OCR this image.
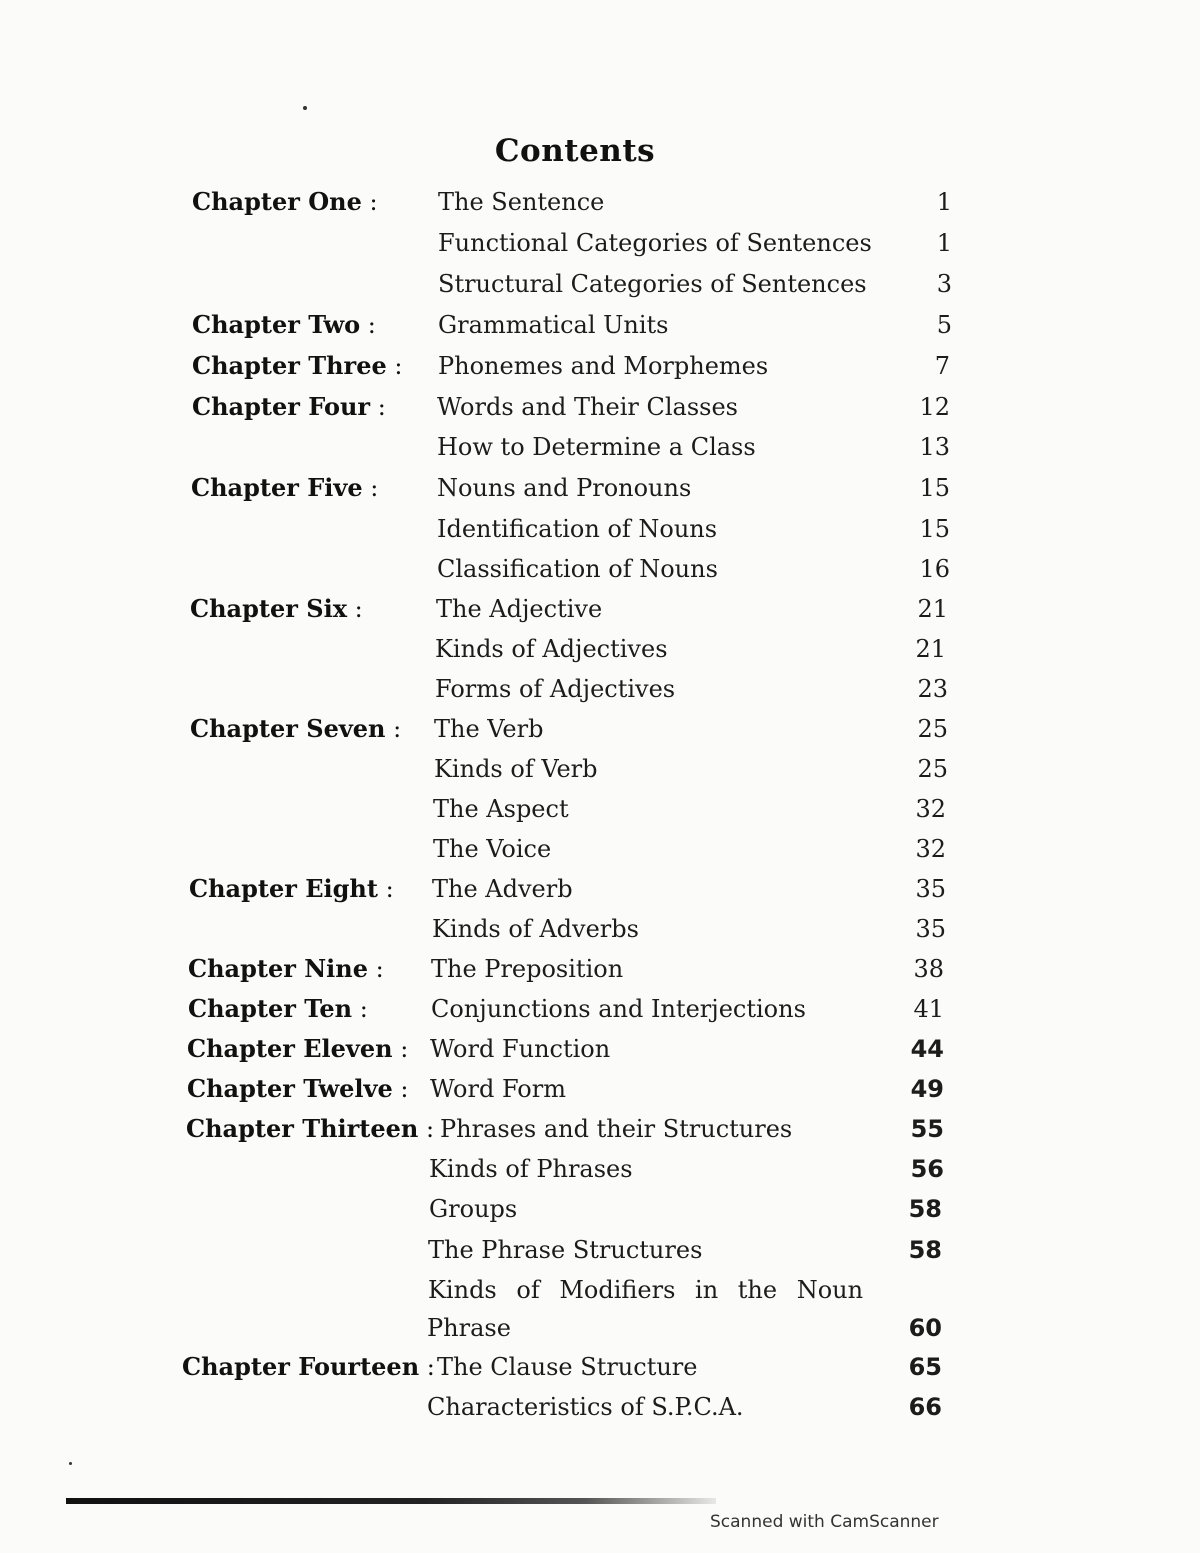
Contents
Chapter One :	The Sentence	1
Functional Categories of Sentences	1
Structural Categories of Sentences	3
Chapter Two :	Grammatical Units	5
Chapter Three : Phonemes and Morphemes	7
Chapter Four : Words and Their Classes	12
How to Determine a Class	13
Chapter Five : Nouns and Pronouns	15
Identification of Nouns	15
Classification of Nouns	16
Chapter Six :	The Adjective	21
Kinds of Adjectives	21
Forms of Adjectives	23
Chapter Seven : The Verb	25
Kinds of Verb	25
The Aspect	32
The Voice	32
Chapter Eight : The Adverb	35
Kinds of Adverbs	35
Chapter Nine : The Preposition	38
Chapter Ten :	Conjunctions and Interjections	41
Chapter Eleven : Word Function	44
Chapter Twelve : Word Form	49
Chapter Thirteen : Phrases and their Structures	55
Kinds of Phrases	56
Groups	58
The Phrase Structures	58
Kinds of Modifiers in the Noun
Phrase	60
Chapter Fourteen : The Clause Structure	65
Characteristics of S.P.C.A.	66
Scanned with CamScanner
